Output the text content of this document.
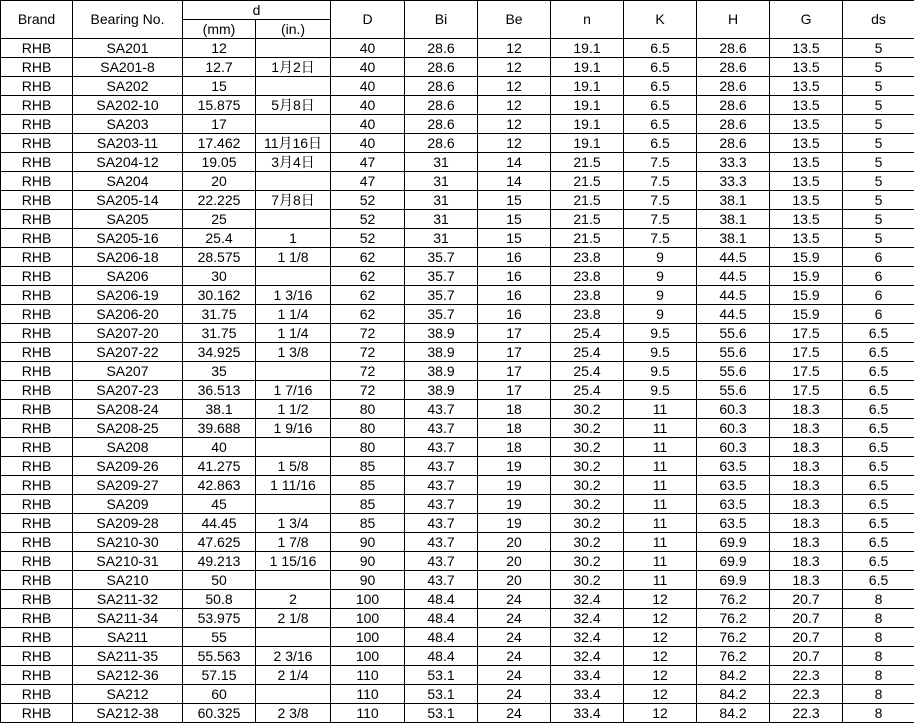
Brand	Bearing No.	d		D	Bi	Be	n	K	H	G	ds
		(mm)	(in.)								
RHB	SA201	12		40	28.6	12	19.1	6.5	28.6	13.5	5
RHB	SA201-8	12.7	1月2日	40	28.6	12	19.1	6.5	28.6	13.5	5
RHB	SA202	15		40	28.6	12	19.1	6.5	28.6	13.5	5
RHB	SA202-10	15.875	5月8日	40	28.6	12	19.1	6.5	28.6	13.5	5
RHB	SA203	17		40	28.6	12	19.1	6.5	28.6	13.5	5
RHB	SA203-11	17.462	11月16日	40	28.6	12	19.1	6.5	28.6	13.5	5
RHB	SA204-12	19.05	3月4日	47	31	14	21.5	7.5	33.3	13.5	5
RHB	SA204	20		47	31	14	21.5	7.5	33.3	13.5	5
RHB	SA205-14	22.225	7月8日	52	31	15	21.5	7.5	38.1	13.5	5
RHB	SA205	25		52	31	15	21.5	7.5	38.1	13.5	5
RHB	SA205-16	25.4	1	52	31	15	21.5	7.5	38.1	13.5	5
RHB	SA206-18	28.575	1 1/8	62	35.7	16	23.8	9	44.5	15.9	6
RHB	SA206	30		62	35.7	16	23.8	9	44.5	15.9	6
RHB	SA206-19	30.162	1 3/16	62	35.7	16	23.8	9	44.5	15.9	6
RHB	SA206-20	31.75	1 1/4	62	35.7	16	23.8	9	44.5	15.9	6
RHB	SA207-20	31.75	1 1/4	72	38.9	17	25.4	9.5	55.6	17.5	6.5
RHB	SA207-22	34.925	1 3/8	72	38.9	17	25.4	9.5	55.6	17.5	6.5
RHB	SA207	35		72	38.9	17	25.4	9.5	55.6	17.5	6.5
RHB	SA207-23	36.513	1 7/16	72	38.9	17	25.4	9.5	55.6	17.5	6.5
RHB	SA208-24	38.1	1 1/2	80	43.7	18	30.2	11	60.3	18.3	6.5
RHB	SA208-25	39.688	1 9/16	80	43.7	18	30.2	11	60.3	18.3	6.5
RHB	SA208	40		80	43.7	18	30.2	11	60.3	18.3	6.5
RHB	SA209-26	41.275	1 5/8	85	43.7	19	30.2	11	63.5	18.3	6.5
RHB	SA209-27	42.863	1 11/16	85	43.7	19	30.2	11	63.5	18.3	6.5
RHB	SA209	45		85	43.7	19	30.2	11	63.5	18.3	6.5
RHB	SA209-28	44.45	1 3/4	85	43.7	19	30.2	11	63.5	18.3	6.5
RHB	SA210-30	47.625	1 7/8	90	43.7	20	30.2	11	69.9	18.3	6.5
RHB	SA210-31	49.213	1 15/16	90	43.7	20	30.2	11	69.9	18.3	6.5
RHB	SA210	50		90	43.7	20	30.2	11	69.9	18.3	6.5
RHB	SA211-32	50.8	2	100	48.4	24	32.4	12	76.2	20.7	8
RHB	SA211-34	53.975	2 1/8	100	48.4	24	32.4	12	76.2	20.7	8
RHB	SA211	55		100	48.4	24	32.4	12	76.2	20.7	8
RHB	SA211-35	55.563	2 3/16	100	48.4	24	32.4	12	76.2	20.7	8
RHB	SA212-36	57.15	2 1/4	110	53.1	24	33.4	12	84.2	22.3	8
RHB	SA212	60		110	53.1	24	33.4	12	84.2	22.3	8
RHB	SA212-38	60.325	2 3/8	110	53.1	24	33.4	12	84.2	22.3	8
